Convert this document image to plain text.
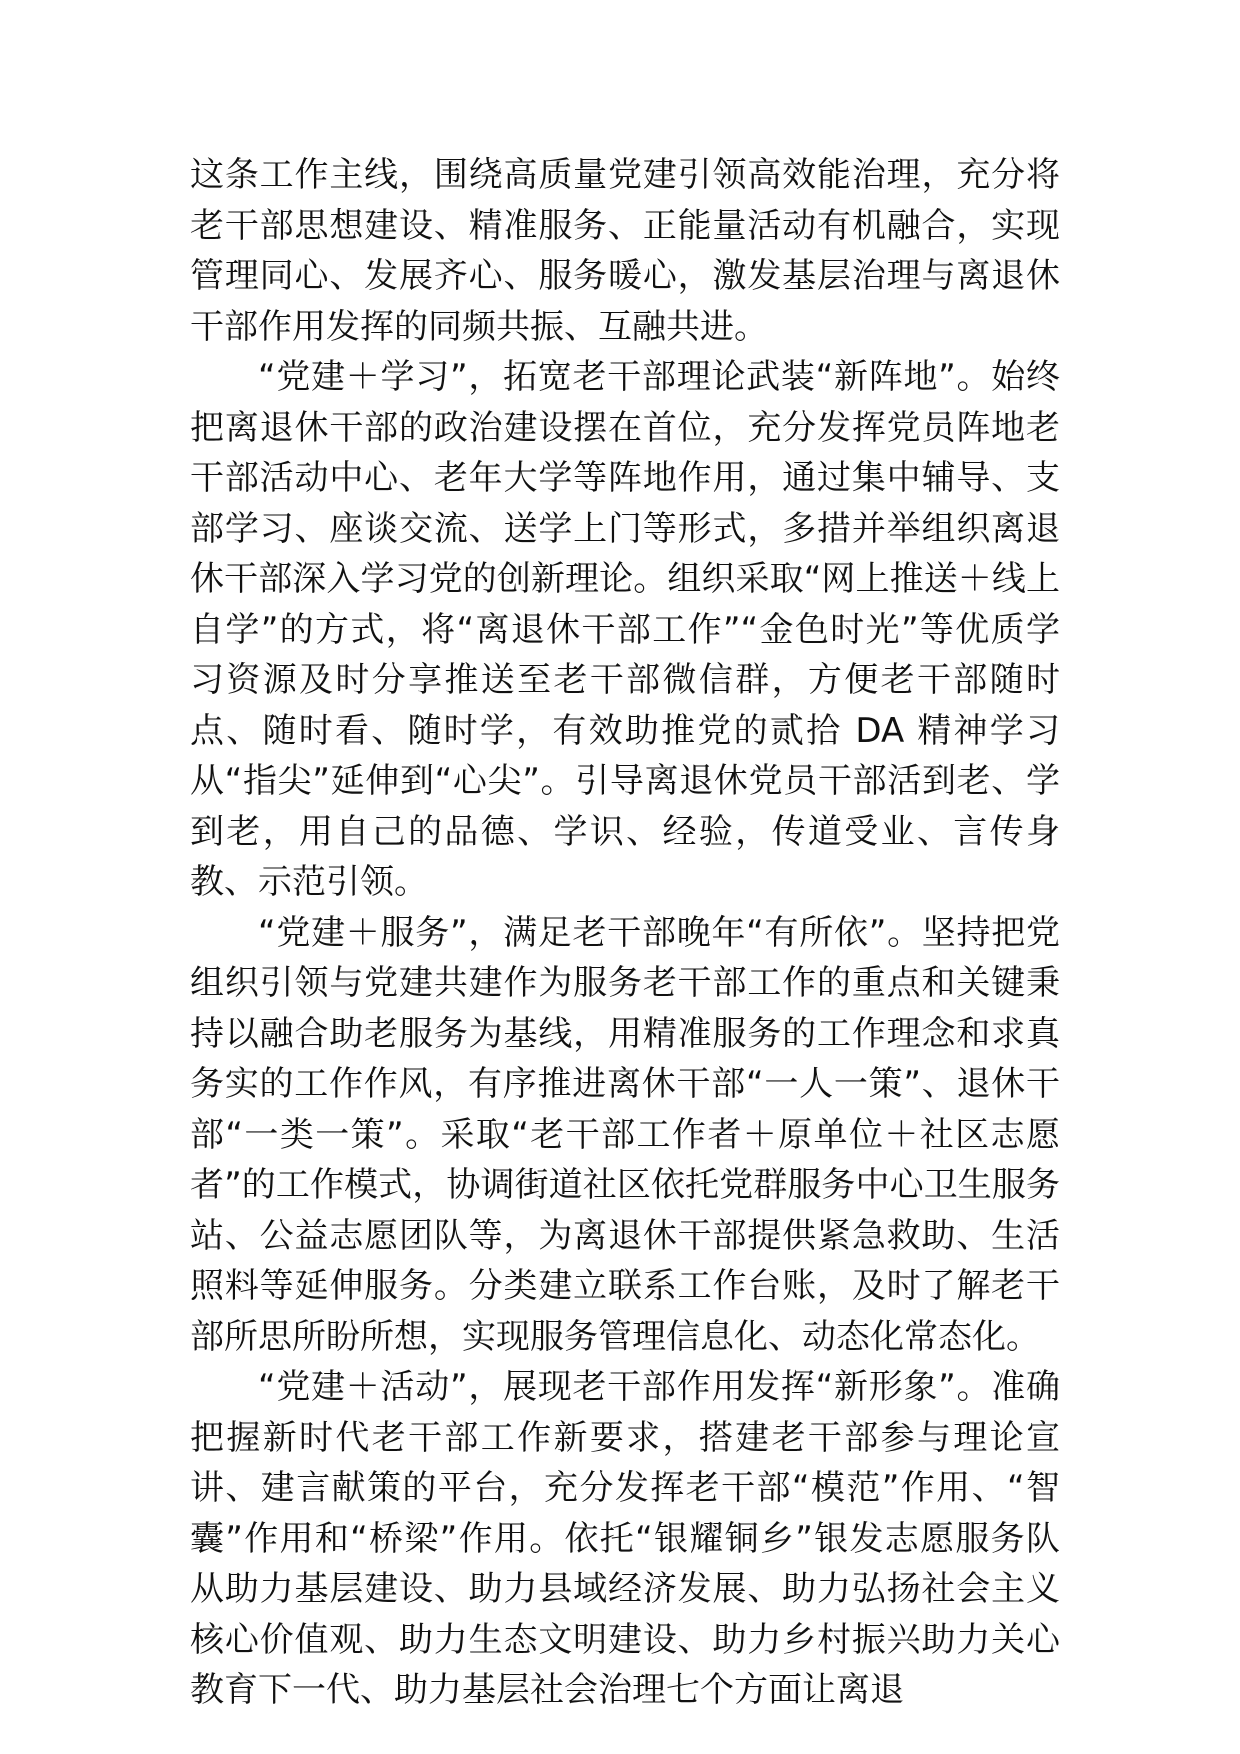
这条工作主线，围绕高质量党建引领高效能治理，充分将老干部思想建设、精准服务、正能量活动有机融合，实现管理同心、发展齐心、服务暖心，激发基层治理与离退休干部作用发挥的同频共振、互融共进。

“党建＋学习”，拓宽老干部理论武装“新阵地”。始终把离退休干部的政治建设摆在首位，充分发挥党员阵地老干部活动中心、老年大学等阵地作用，通过集中辅导、支部学习、座谈交流、送学上门等形式，多措并举组织离退休干部深入学习党的创新理论。组织采取“网上推送＋线上自学”的方式，将“离退休干部工作”“金色时光”等优质学习资源及时分享推送至老干部微信群，方便老干部随时点、随时看、随时学，有效助推党的贰拾 DA 精神学习从“指尖”延伸到“心尖”。引导离退休党员干部活到老、学到老，用自己的品德、学识、经验，传道受业、言传身教、示范引领。

“党建＋服务”，满足老干部晚年“有所依”。坚持把党组织引领与党建共建作为服务老干部工作的重点和关键秉持以融合助老服务为基线，用精准服务的工作理念和求真务实的工作作风，有序推进离休干部“一人一策”、退休干部“一类一策”。采取“老干部工作者＋原单位＋社区志愿者”的工作模式，协调街道社区依托党群服务中心卫生服务站、公益志愿团队等，为离退休干部提供紧急救助、生活照料等延伸服务。分类建立联系工作台账，及时了解老干部所思所盼所想，实现服务管理信息化、动态化常态化。

“党建＋活动”，展现老干部作用发挥“新形象”。准确把握新时代老干部工作新要求，搭建老干部参与理论宣讲、建言献策的平台，充分发挥老干部“模范”作用、“智囊”作用和“桥梁”作用。依托“银耀铜乡”银发志愿服务队从助力基层建设、助力县域经济发展、助力弘扬社会主义核心价值观、助力生态文明建设、助力乡村振兴助力关心教育下一代、助力基层社会治理七个方面让离退
